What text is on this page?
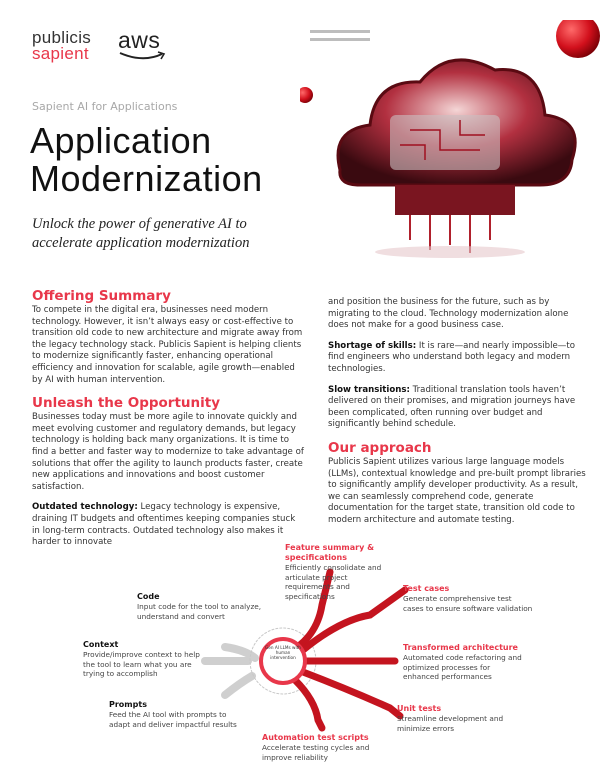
publicis
sapient
aws
Sapient AI for Applications
Application
Modernization
Unlock the power of generative AI to accelerate application modernization
Offering Summary

To compete in the digital era, businesses need modern technology. However, it isn’t always easy or cost-effective to transition old code to new architecture and migrate away from the legacy technology stack. Publicis Sapient is helping clients to modernize significantly faster, enhancing operational efficiency and innovation for scalable, agile growth—enabled by AI with human intervention.

Unleash the Opportunity

Businesses today must be more agile to innovate quickly and meet evolving customer and regulatory demands, but legacy technology is holding back many organizations. It is time to find a better and faster way to modernize to take advantage of solutions that offer the agility to launch products faster, create new applications and innovations and boost customer satisfaction.

Outdated technology: Legacy technology is expensive, draining IT budgets and oftentimes keeping companies stuck in long-term contracts. Outdated technology also makes it harder to innovate

and position the business for the future, such as by migrating to the cloud. Technology modernization alone does not make for a good business case.

Shortage of skills: It is rare—and nearly impossible—to find engineers who understand both legacy and modern technologies.

Slow transitions: Traditional translation tools haven’t delivered on their promises, and migration journeys have been complicated, often running over budget and significantly behind schedule.

Our approach

Publicis Sapient utilizes various large language models (LLMs), contextual knowledge and pre-built prompt libraries to significantly amplify developer productivity. As a result, we can seamlessly comprehend code, generate documentation for the target state, transition old code to modern architecture and automate testing.

Gen AI LLMs with human intervention
Code
Input code for the tool to analyze, understand and convert
Context
Provide/improve context to help the tool to learn what you are trying to accomplish
Prompts
Feed the AI tool with prompts to adapt and deliver impactful results
Feature summary & specifications
Efficiently consolidate and articulate project requirements and specifications
Test cases
Generate comprehensive test cases to ensure software validation
Transformed architecture
Automated code refactoring and optimized processes for enhanced performances
Unit tests
Streamline development and minimize errors
Automation test scripts
Accelerate testing cycles and improve reliability
